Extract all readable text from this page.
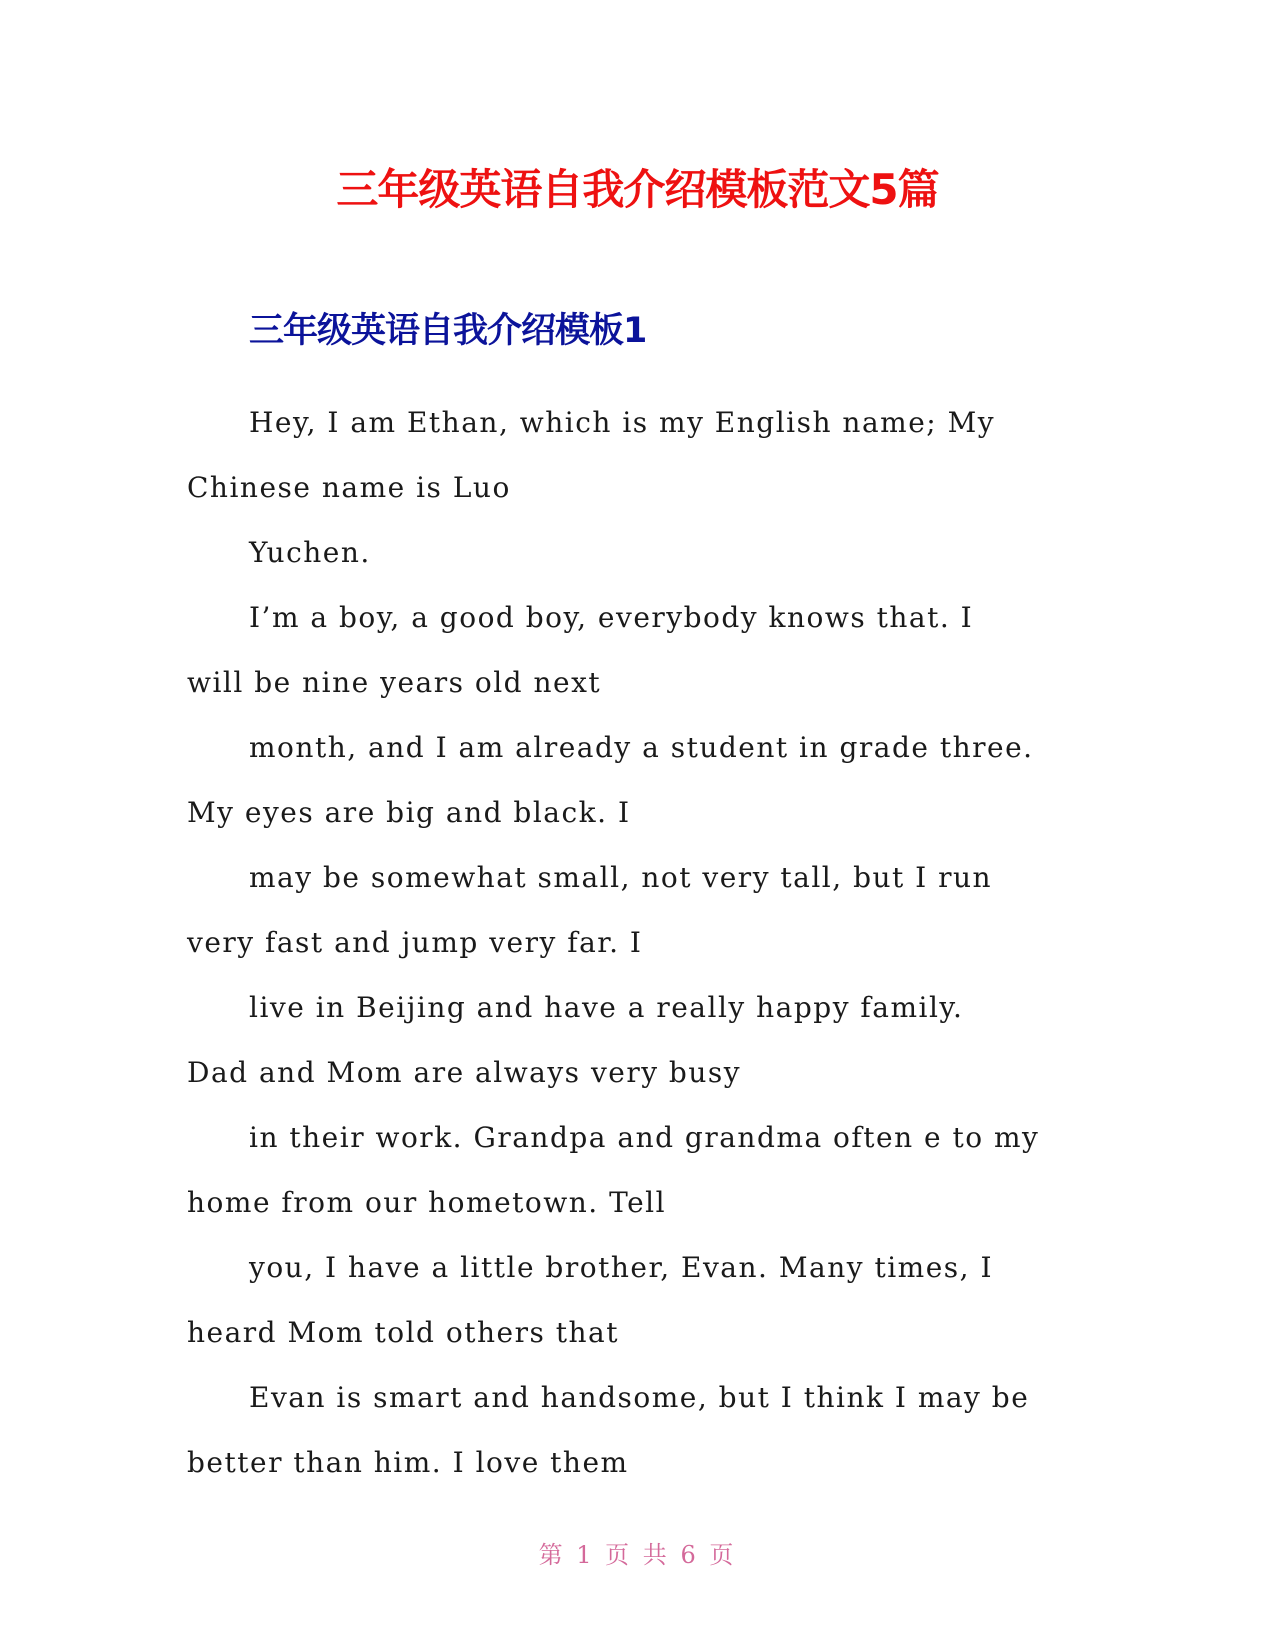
三年级英语自我介绍模板范文5篇
三年级英语自我介绍模板1
Hey, I am Ethan, which is my English name; My
Chinese name is Luo
Yuchen.
I’m a boy, a good boy, everybody knows that. I
will be nine years old next
month, and I am already a student in grade three.
My eyes are big and black. I
may be somewhat small, not very tall, but I run
very fast and jump very far. I
live in Beijing and have a really happy family.
Dad and Mom are always very busy
in their work. Grandpa and grandma often e to my
home from our hometown. Tell
you, I have a little brother, Evan. Many times, I
heard Mom told others that
Evan is smart and handsome, but I think I may be
better than him. I love them
第 1 页 共 6 页
